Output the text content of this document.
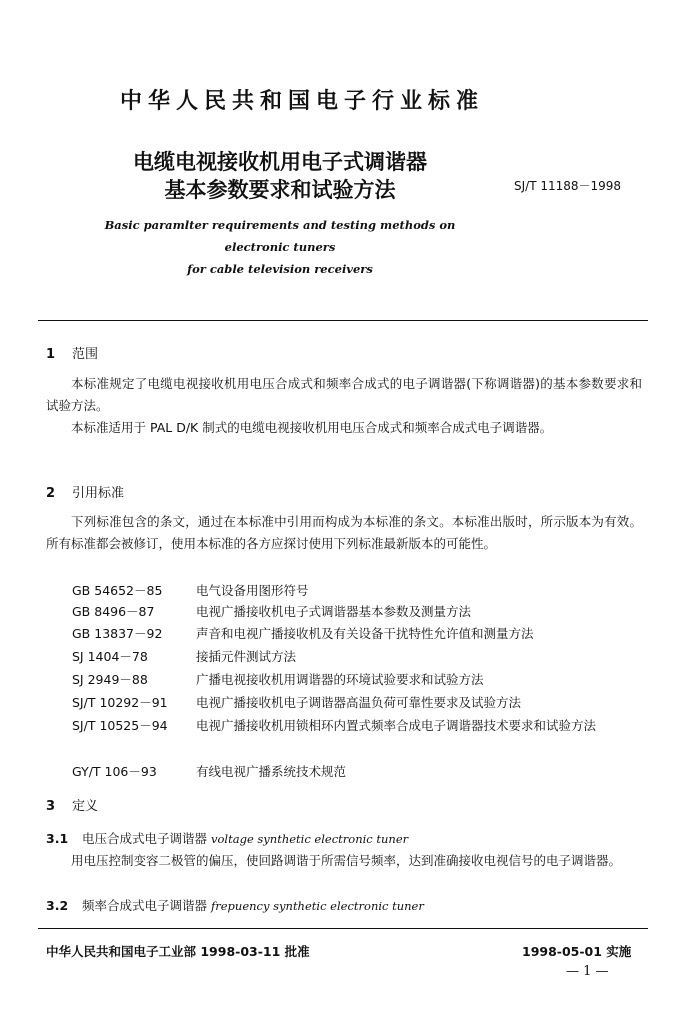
中华人民共和国电子行业标准
电缆电视接收机用电子式调谐器
基本参数要求和试验方法	SJ/T 11188－1998
Basic paramlter requirements and testing methods on
electronic tuners
for cable television receivers
1 范围
本标准规定了电缆电视接收机用电压合成式和频率合成式的电子调谐器(下称调谐器)的基本参数要求和试验方法。
本标准适用于 PAL D/K 制式的电缆电视接收机用电压合成式和频率合成式电子调谐器。
2 引用标准
下列标准包含的条文，通过在本标准中引用而构成为本标准的条文。本标准出版时，所示版本为有效。所有标准都会被修订，使用本标准的各方应探讨使用下列标准最新版本的可能性。
GB 54652－85	电气设备用图形符号
GB 8496－87	电视广播接收机电子式调谐器基本参数及测量方法
GB 13837－92	声音和电视广播接收机及有关设备干扰特性允许值和测量方法
SJ 1404－78	接插元件测试方法
SJ 2949－88	广播电视接收机用调谐器的环境试验要求和试验方法
SJ/T 10292－91	电视广播接收机电子调谐器高温负荷可靠性要求及试验方法
SJ/T 10525－94	电视广播接收机用锁相环内置式频率合成电子调谐器技术要求和试验方法
GY/T 106－93	有线电视广播系统技术规范
3 定义
3.1 电压合成式电子调谐器 voltage synthetic electronic tuner
用电压控制变容二极管的偏压，使回路调谐于所需信号频率，达到准确接收电视信号的电子调谐器。
3.2 频率合成式电子调谐器 frepuency synthetic electronic tuner
中华人民共和国电子工业部 1998-03-11 批准	1998-05-01 实施
— 1 —
